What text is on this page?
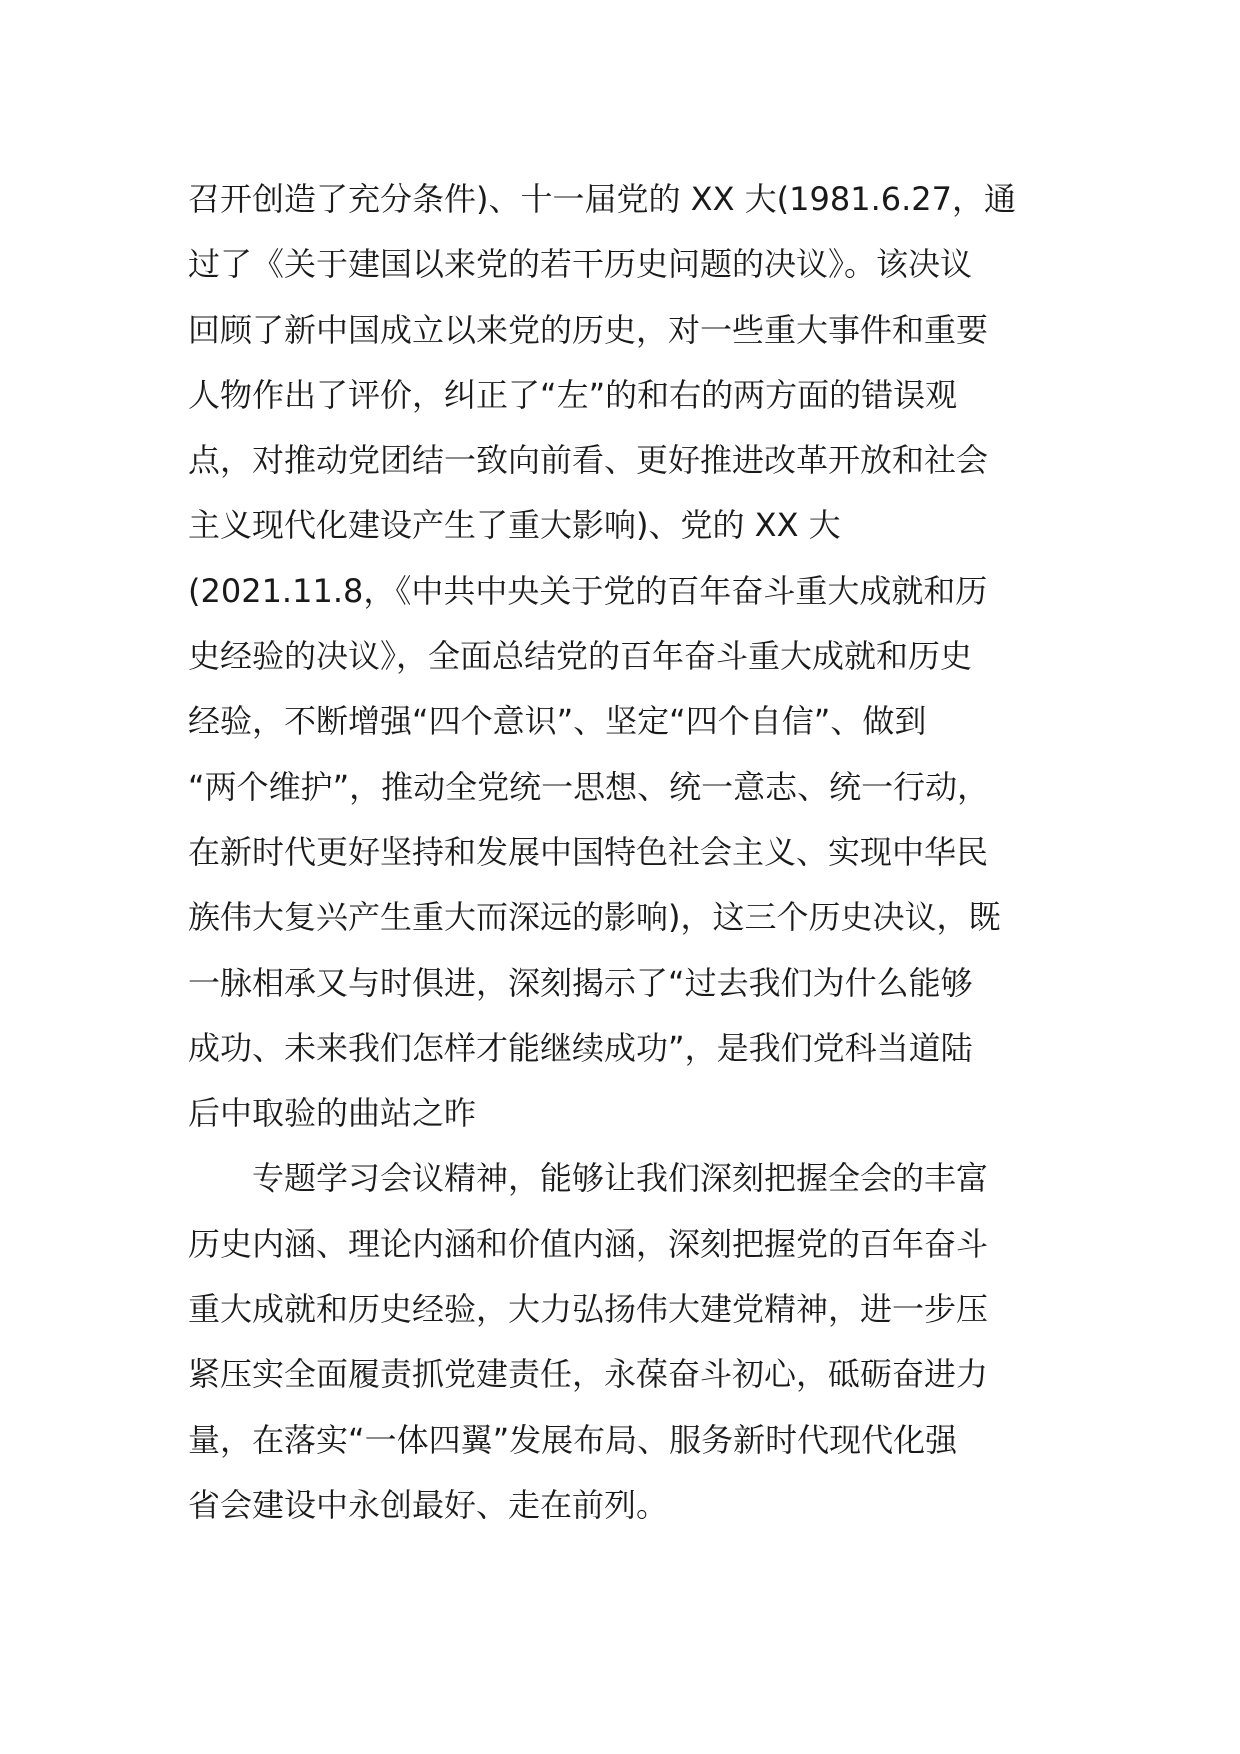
召开创造了充分条件)、十一届党的 XX 大(1981.6.27，通
过了《关于建国以来党的若干历史问题的决议》。该决议
回顾了新中国成立以来党的历史，对一些重大事件和重要
人物作出了评价，纠正了“左”的和右的两方面的错误观
点，对推动党团结一致向前看、更好推进改革开放和社会
主义现代化建设产生了重大影响)、党的 XX 大
(2021.11.8，《中共中央关于党的百年奋斗重大成就和历
史经验的决议》，全面总结党的百年奋斗重大成就和历史
经验，不断增强“四个意识”、坚定“四个自信”、做到
“两个维护”，推动全党统一思想、统一意志、统一行动，
在新时代更好坚持和发展中国特色社会主义、实现中华民
族伟大复兴产生重大而深远的影响)，这三个历史决议，既
一脉相承又与时俱进，深刻揭示了“过去我们为什么能够
成功、未来我们怎样才能继续成功”，是我们党科当道陆
后中取验的曲站之昨
专题学习会议精神，能够让我们深刻把握全会的丰富
历史内涵、理论内涵和价值内涵，深刻把握党的百年奋斗
重大成就和历史经验，大力弘扬伟大建党精神，进一步压
紧压实全面履责抓党建责任，永葆奋斗初心，砥砺奋进力
量，在落实“一体四翼”发展布局、服务新时代现代化强
省会建设中永创最好、走在前列。
